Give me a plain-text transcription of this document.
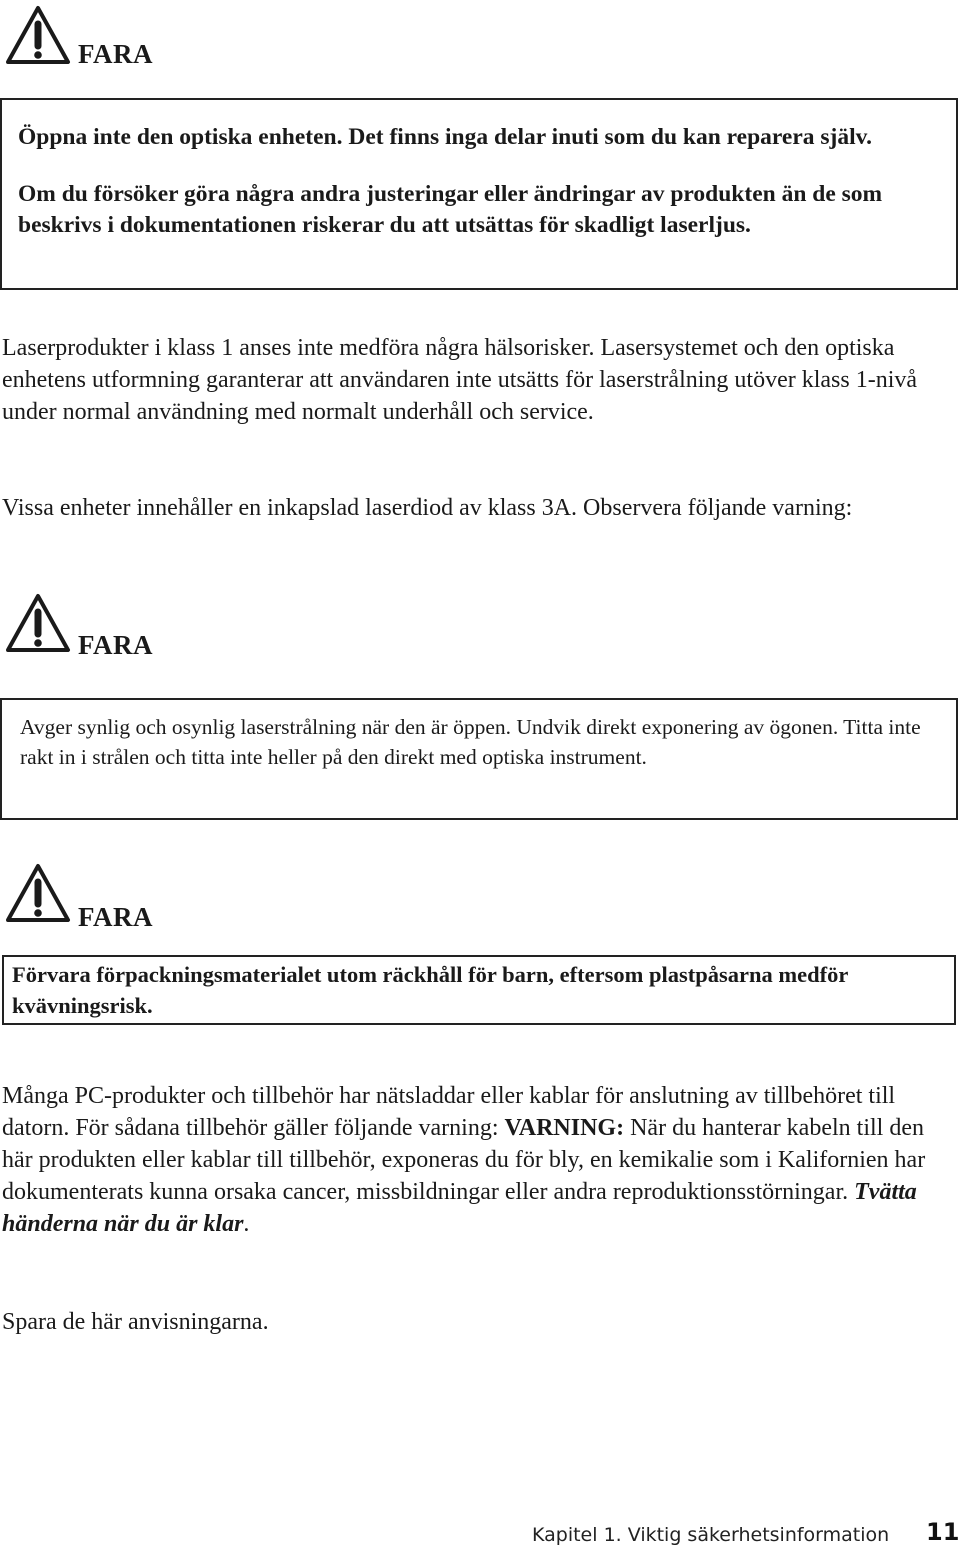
FARA
Öppna inte den optiska enheten. Det finns inga delar inuti som du kan reparera själv.
Om du försöker göra några andra justeringar eller ändringar av produkten än de som beskrivs i dokumentationen riskerar du att utsättas för skadligt laserljus.
Laserprodukter i klass 1 anses inte medföra några hälsorisker. Lasersystemet och den optiska enhetens utformning garanterar att användaren inte utsätts för laserstrålning utöver klass 1-nivå under normal användning med normalt underhåll och service.
Vissa enheter innehåller en inkapslad laserdiod av klass 3A. Observera följande varning:
FARA
Avger synlig och osynlig laserstrålning när den är öppen. Undvik direkt exponering av ögonen. Titta inte rakt in i strålen och titta inte heller på den direkt med optiska instrument.
FARA
Förvara förpackningsmaterialet utom räckhåll för barn, eftersom plastpåsarna medför kvävningsrisk.
Många PC-produkter och tillbehör har nätsladdar eller kablar för anslutning av tillbehöret till datorn. För sådana tillbehör gäller följande varning: VARNING: När du hanterar kabeln till den här produkten eller kablar till tillbehör, exponeras du för bly, en kemikalie som i Kalifornien har dokumenterats kunna orsaka cancer, missbildningar eller andra reproduktionsstörningar. Tvätta händerna när du är klar.
Spara de här anvisningarna.
Kapitel 1. Viktig säkerhetsinformation 11
